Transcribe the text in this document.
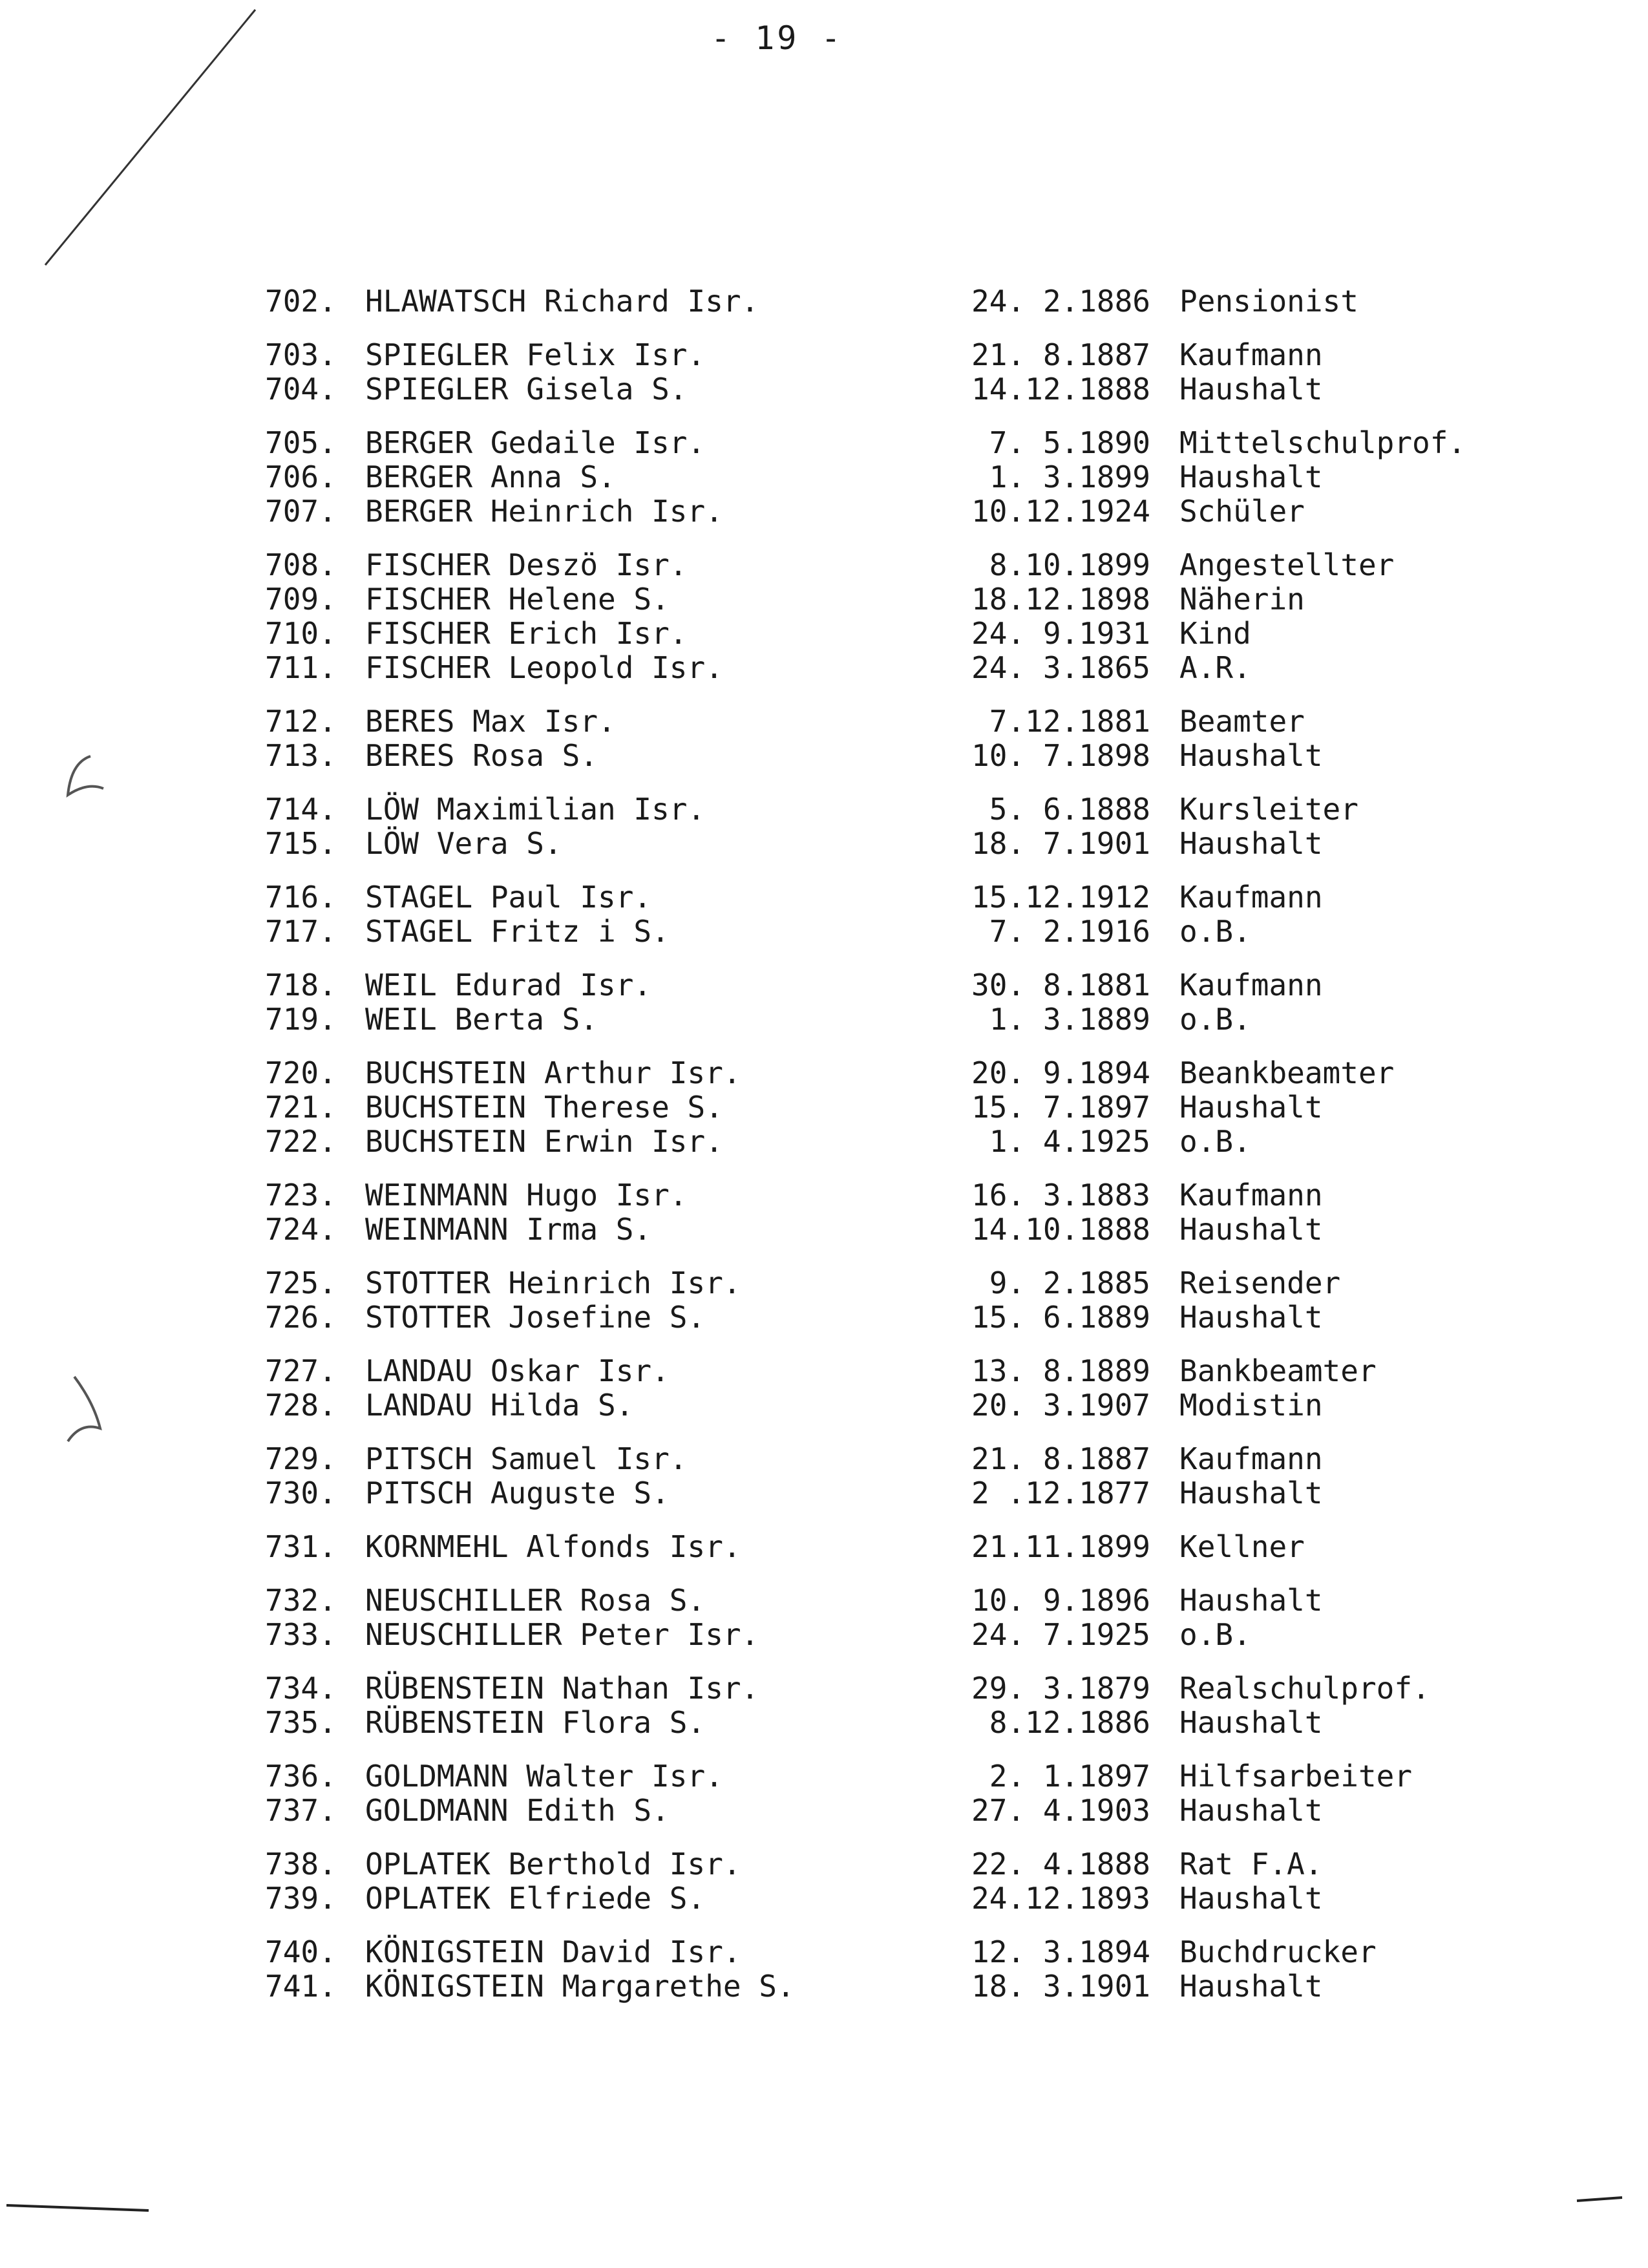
- 19 -
702. HLAWATSCH Richard Isr.	24. 2.1886 Pensionist
703. SPIEGLER Felix Isr.	21. 8.1887 Kaufmann
704. SPIEGLER Gisela S.	14.12.1888 Haushalt
705. BERGER Gedaile Isr.	7. 5.1890 Mittelschulprof.
706. BERGER Anna S.	1. 3.1899 Haushalt
707. BERGER Heinrich Isr.	10.12.1924 Schüler
708. FISCHER Deszö Isr.	8.10.1899 Angestellter
709. FISCHER Helene S.	18.12.1898 Näherin
710. FISCHER Erich Isr.	24. 9.1931 Kind
711. FISCHER Leopold Isr.	24. 3.1865 A.R.
712. BERES Max Isr.	7.12.1881 Beamter
713. BERES Rosa S.	10. 7.1898 Haushalt
714. LÖW Maximilian Isr.	5. 6.1888 Kursleiter
715. LÖW Vera S.	18. 7.1901 Haushalt
716. STAGEL Paul Isr.	15.12.1912 Kaufmann
717. STAGEL Fritz i S.	7. 2.1916 o.B.
718. WEIL Edurad Isr.	30. 8.1881 Kaufmann
719. WEIL Berta S.	1. 3.1889 o.B.
720. BUCHSTEIN Arthur Isr.	20. 9.1894 Beankbeamter
721. BUCHSTEIN Therese S.	15. 7.1897 Haushalt
722. BUCHSTEIN Erwin Isr.	1. 4.1925 o.B.
723. WEINMANN Hugo Isr.	16. 3.1883 Kaufmann
724. WEINMANN Irma S.	14.10.1888 Haushalt
725. STOTTER Heinrich Isr.	9. 2.1885 Reisender
726. STOTTER Josefine S.	15. 6.1889 Haushalt
727. LANDAU Oskar Isr.	13. 8.1889 Bankbeamter
728. LANDAU Hilda S.	20. 3.1907 Modistin
729. PITSCH Samuel Isr.	21. 8.1887 Kaufmann
730. PITSCH Auguste S.	2 .12.1877 Haushalt
731. KORNMEHL Alfonds Isr.	21.11.1899 Kellner
732. NEUSCHILLER Rosa S.	10. 9.1896 Haushalt
733. NEUSCHILLER Peter Isr.	24. 7.1925 o.B.
734. RÜBENSTEIN Nathan Isr.	29. 3.1879 Realschulprof.
735. RÜBENSTEIN Flora S.	8.12.1886 Haushalt
736. GOLDMANN Walter Isr.	2. 1.1897 Hilfsarbeiter
737. GOLDMANN Edith S.	27. 4.1903 Haushalt
738. OPLATEK Berthold Isr.	22. 4.1888 Rat F.A.
739. OPLATEK Elfriede S.	24.12.1893 Haushalt
740. KÖNIGSTEIN David Isr.	12. 3.1894 Buchdrucker
741. KÖNIGSTEIN Margarethe S.	18. 3.1901 Haushalt
